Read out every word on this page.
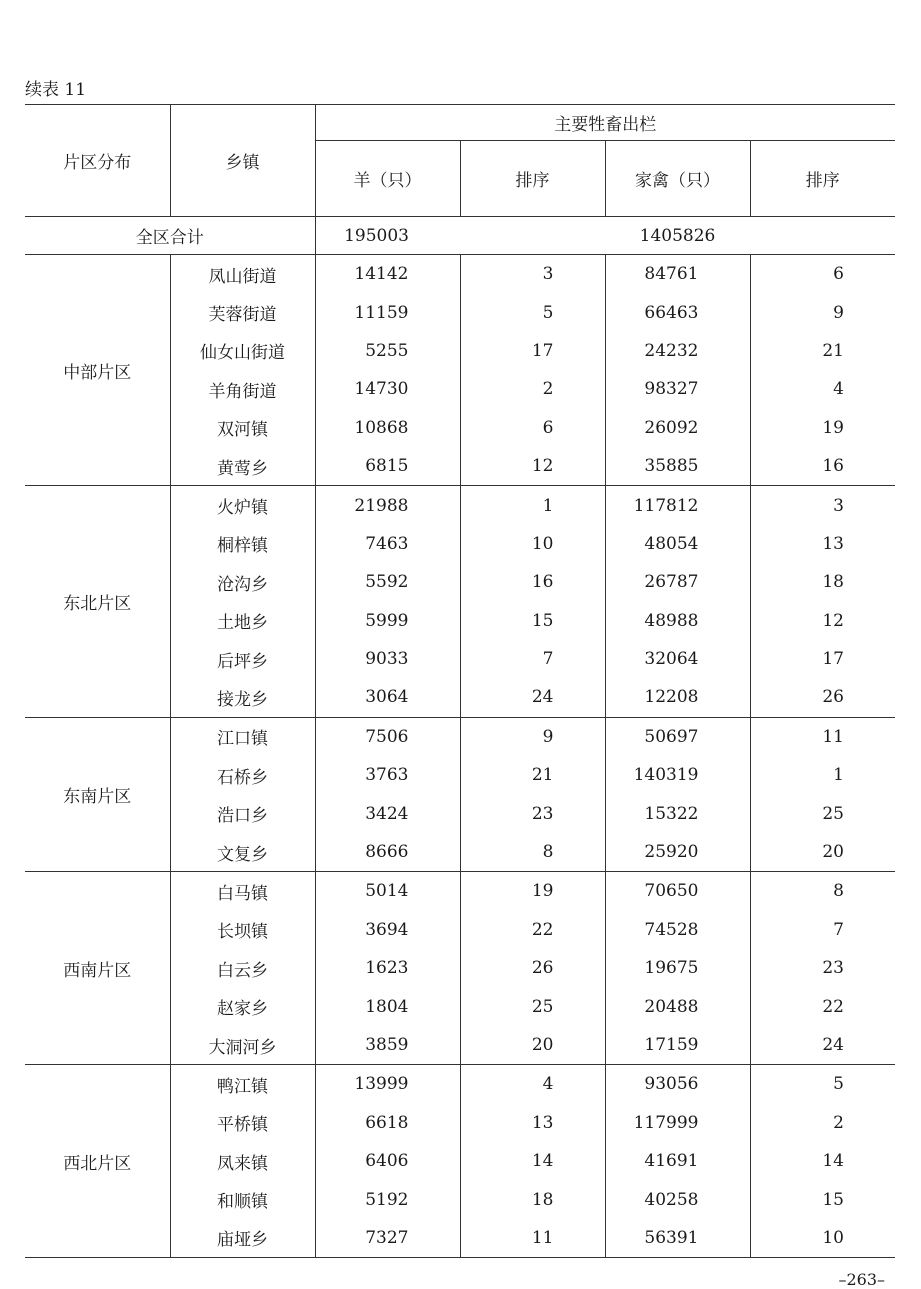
续表 11
片区分布	乡镇	主要牲畜出栏			
		羊（只）	排序	家禽（只）	排序
全区合计		195003	1405826		
中部片区	凤山街道	14142	3	84761	6
	芙蓉街道	11159	5	66463	9
	仙女山街道	5255	17	24232	21
	羊角街道	14730	2	98327	4
	双河镇	10868	6	26092	19
	黄莺乡	6815	12	35885	16
东北片区	火炉镇	21988	1	117812	3
	桐梓镇	7463	10	48054	13
	沧沟乡	5592	16	26787	18
	土地乡	5999	15	48988	12
	后坪乡	9033	7	32064	17
	接龙乡	3064	24	12208	26
东南片区	江口镇	7506	9	50697	11
	石桥乡	3763	21	140319	1
	浩口乡	3424	23	15322	25
	文复乡	8666	8	25920	20
西南片区	白马镇	5014	19	70650	8
	长坝镇	3694	22	74528	7
	白云乡	1623	26	19675	23
	赵家乡	1804	25	20488	22
	大洞河乡	3859	20	17159	24
西北片区	鸭江镇	13999	4	93056	5
	平桥镇	6618	13	117999	2
	凤来镇	6406	14	41691	14
	和顺镇	5192	18	40258	15
	庙垭乡	7327	11	56391	10
–263–
